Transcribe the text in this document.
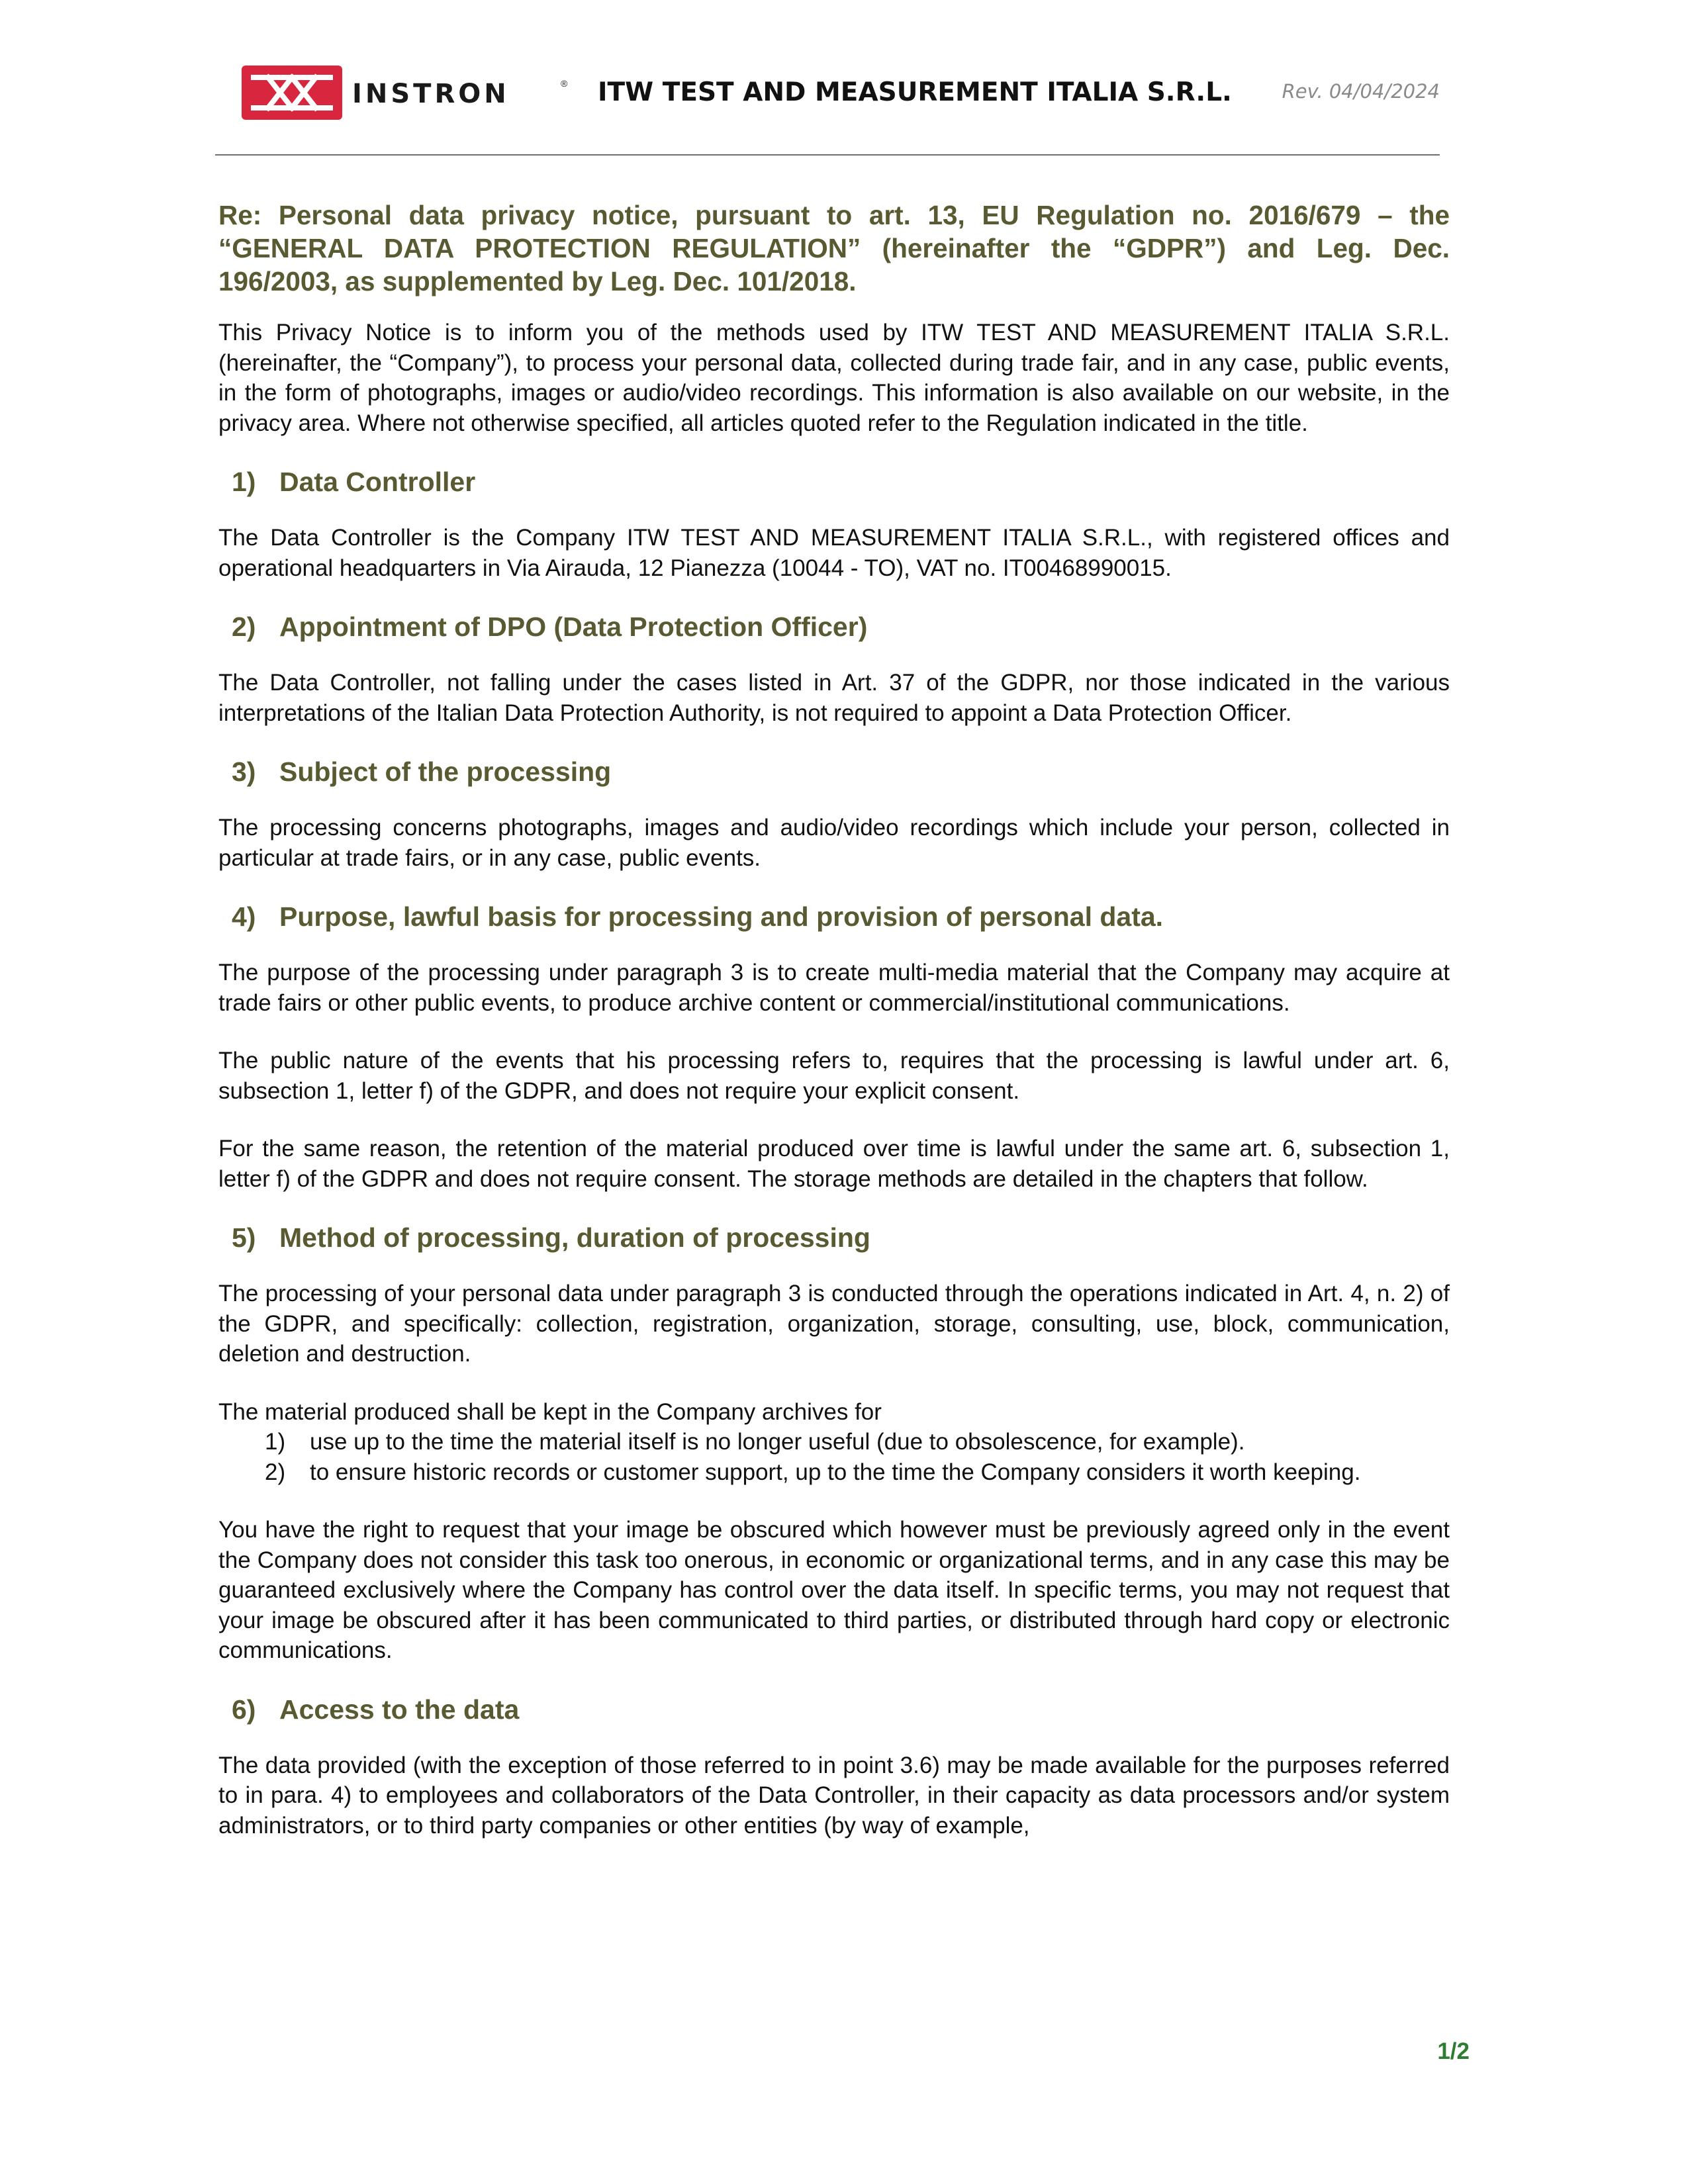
INSTRON	® ITW TEST AND MEASUREMENT ITALIA S.R.L.	Rev. 04/04/2024
Re: Personal data privacy notice, pursuant to art. 13, EU Regulation no. 2016/679 – the “GENERAL DATA PROTECTION REGULATION” (hereinafter the “GDPR”) and Leg. Dec. 196/2003, as supplemented by Leg. Dec. 101/2018.

This Privacy Notice is to inform you of the methods used by ITW TEST AND MEASUREMENT ITALIA S.R.L. (hereinafter, the “Company”), to process your personal data, collected during trade fair, and in any case, public events, in the form of photographs, images or audio/video recordings. This information is also available on our website, in the privacy area. Where not otherwise specified, all articles quoted refer to the Regulation indicated in the title.

1) Data Controller

The Data Controller is the Company ITW TEST AND MEASUREMENT ITALIA S.R.L., with registered offices and operational headquarters in Via Airauda, 12 Pianezza (10044 - TO), VAT no. IT00468990015.

2) Appointment of DPO (Data Protection Officer)

The Data Controller, not falling under the cases listed in Art. 37 of the GDPR, nor those indicated in the various interpretations of the Italian Data Protection Authority, is not required to appoint a Data Protection Officer.

3) Subject of the processing

The processing concerns photographs, images and audio/video recordings which include your person, collected in particular at trade fairs, or in any case, public events.

4) Purpose, lawful basis for processing and provision of personal data.

The purpose of the processing under paragraph 3 is to create multi-media material that the Company may acquire at trade fairs or other public events, to produce archive content or commercial/institutional communications.

The public nature of the events that his processing refers to, requires that the processing is lawful under art. 6, subsection 1, letter f) of the GDPR, and does not require your explicit consent.

For the same reason, the retention of the material produced over time is lawful under the same art. 6, subsection 1, letter f) of the GDPR and does not require consent. The storage methods are detailed in the chapters that follow.

5) Method of processing, duration of processing

The processing of your personal data under paragraph 3 is conducted through the operations indicated in Art. 4, n. 2) of the GDPR, and specifically: collection, registration, organization, storage, consulting, use, block, communication, deletion and destruction.

The material produced shall be kept in the Company archives for
1)	use up to the time the material itself is no longer useful (due to obsolescence, for example).
2)	to ensure historic records or customer support, up to the time the Company considers it worth keeping.

You have the right to request that your image be obscured which however must be previously agreed only in the event the Company does not consider this task too onerous, in economic or organizational terms, and in any case this may be guaranteed exclusively where the Company has control over the data itself. In specific terms, you may not request that your image be obscured after it has been communicated to third parties, or distributed through hard copy or electronic communications.

6) Access to the data

The data provided (with the exception of those referred to in point 3.6) may be made available for the purposes referred to in para. 4) to employees and collaborators of the Data Controller, in their capacity as data processors and/or system administrators, or to third party companies or other entities (by way of example,

1/2
